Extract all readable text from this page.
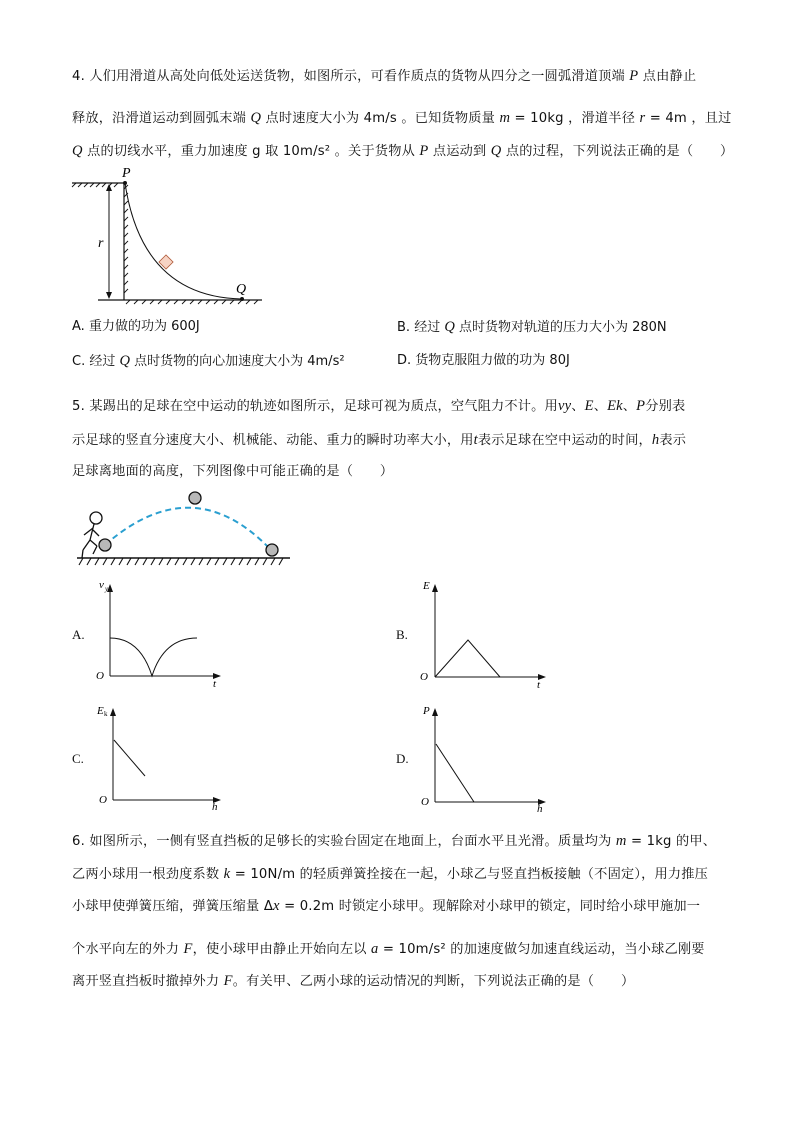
4. 人们用滑道从高处向低处运送货物，如图所示，可看作质点的货物从四分之一圆弧滑道顶端 P 点由静止
释放，沿滑道运动到圆弧末端 Q 点时速度大小为 4m/s 。已知货物质量 m = 10kg ，滑道半径 r = 4m ，且过
Q 点的切线水平，重力加速度 g 取 10m/s² 。关于货物从 P 点运动到 Q 点的过程，下列说法正确的是（　　）
r
P
Q
A. 重力做的功为 600J	B. 经过 Q 点时货物对轨道的压力大小为 280N
C. 经过 Q 点时货物的向心加速度大小为 4m/s²	D. 货物克服阻力做的功为 80J
5. 某踢出的足球在空中运动的轨迹如图所示，足球可视为质点，空气阻力不计。用vy、E、Ek、P分别表
示足球的竖直分速度大小、机械能、动能、重力的瞬时功率大小，用t表示足球在空中运动的时间，h表示
足球离地面的高度，下列图像中可能正确的是（　　）
A.
v y
O
t
B.
E
O
t
C.
E k
O
h
D.
P
O
h
6. 如图所示，一侧有竖直挡板的足够长的实验台固定在地面上，台面水平且光滑。质量均为 m = 1kg 的甲、
乙两小球用一根劲度系数 k = 10N/m 的轻质弹簧拴接在一起，小球乙与竖直挡板接触（不固定），用力推压
小球甲使弹簧压缩，弹簧压缩量 Δx = 0.2m 时锁定小球甲。现解除对小球甲的锁定，同时给小球甲施加一
个水平向左的外力 F，使小球甲由静止开始向左以 a = 10m/s² 的加速度做匀加速直线运动，当小球乙刚要
离开竖直挡板时撤掉外力 F。有关甲、乙两小球的运动情况的判断，下列说法正确的是（　　）
